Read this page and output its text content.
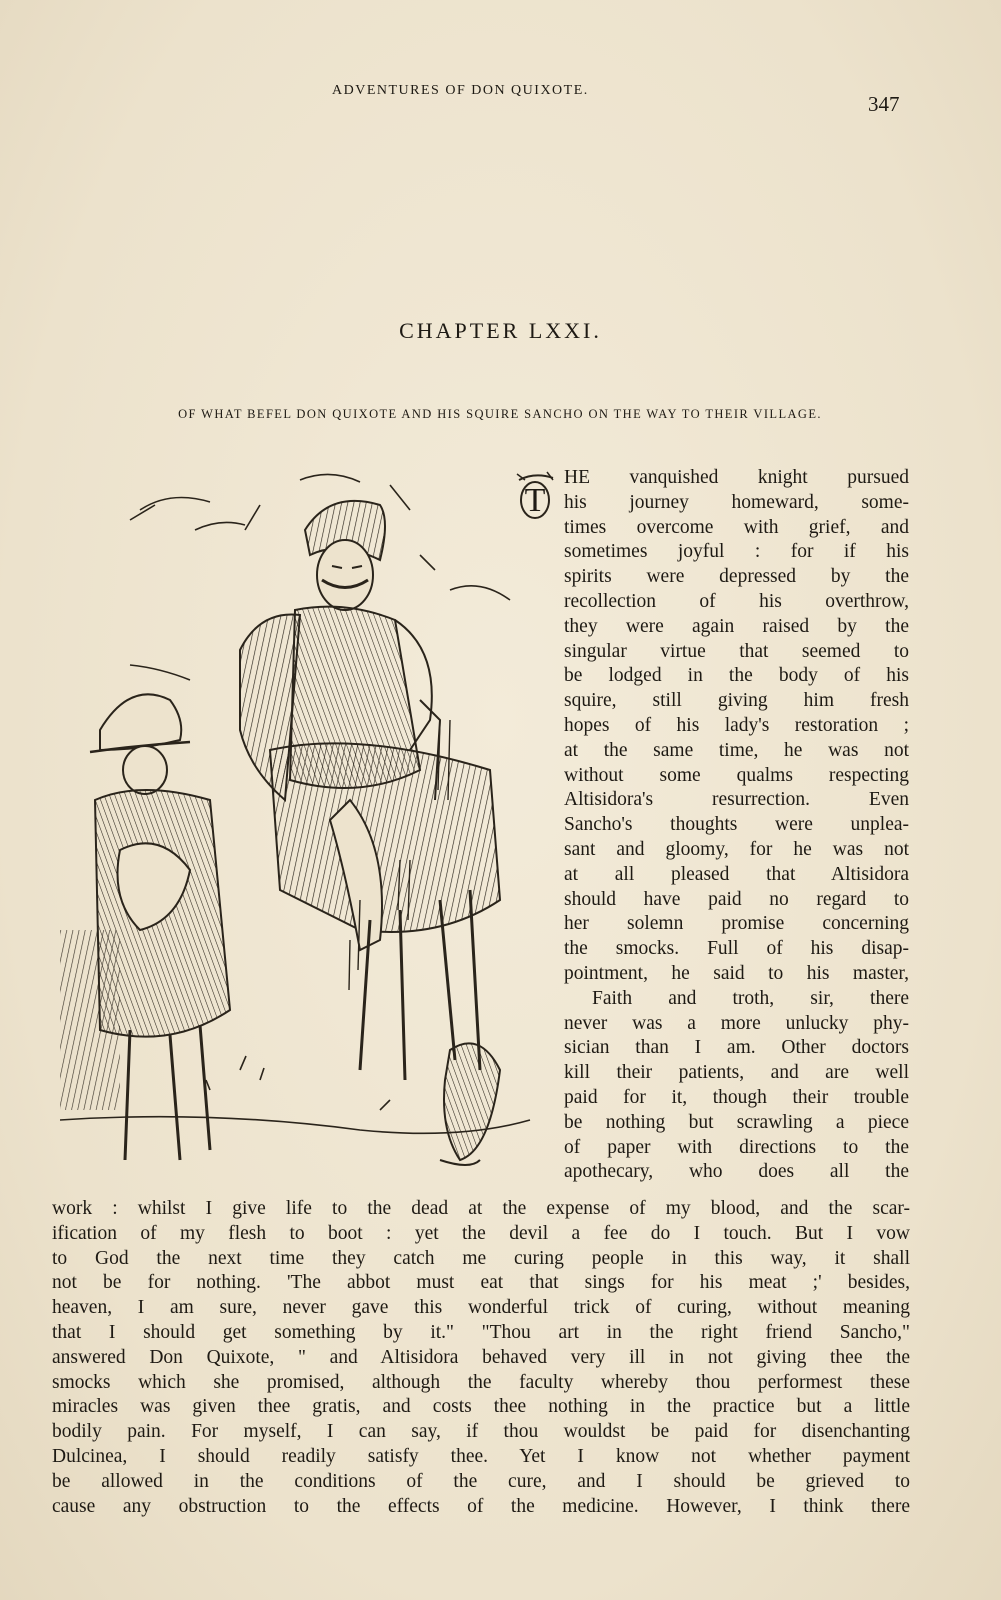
ADVENTURES OF DON QUIXOTE.
347
CHAPTER LXXI.
OF WHAT BEFEL DON QUIXOTE AND HIS SQUIRE SANCHO ON THE WAY TO THEIR VILLAGE.
T
HE vanquished knight pursued
his journey homeward, some-
times overcome with grief, and
sometimes joyful : for if his
spirits were depressed by the
recollection of his overthrow,
they were again raised by the
singular virtue that seemed to
be lodged in the body of his
squire, still giving him fresh
hopes of his lady's restoration ;
at the same time, he was not
without some qualms respecting
Altisidora's resurrection. Even
Sancho's thoughts were unplea-
sant and gloomy, for he was not
at all pleased that Altisidora
should have paid no regard to
her solemn promise concerning
the smocks. Full of his disap-
pointment, he said to his master,
Faith and troth, sir, there
never was a more unlucky phy-
sician than I am. Other doctors
kill their patients, and are well
paid for it, though their trouble
be nothing but scrawling a piece
of paper with directions to the
apothecary, who does all the
work : whilst I give life to the dead at the expense of my blood, and the scar-
ification of my flesh to boot : yet the devil a fee do I touch. But I vow
to God the next time they catch me curing people in this way, it shall
not be for nothing. 'The abbot must eat that sings for his meat ;' besides,
heaven, I am sure, never gave this wonderful trick of curing, without meaning
that I should get something by it." "Thou art in the right friend Sancho,"
answered Don Quixote, " and Altisidora behaved very ill in not giving thee the
smocks which she promised, although the faculty whereby thou performest these
miracles was given thee gratis, and costs thee nothing in the practice but a little
bodily pain. For myself, I can say, if thou wouldst be paid for disenchanting
Dulcinea, I should readily satisfy thee. Yet I know not whether payment
be allowed in the conditions of the cure, and I should be grieved to
cause any obstruction to the effects of the medicine. However, I think there
